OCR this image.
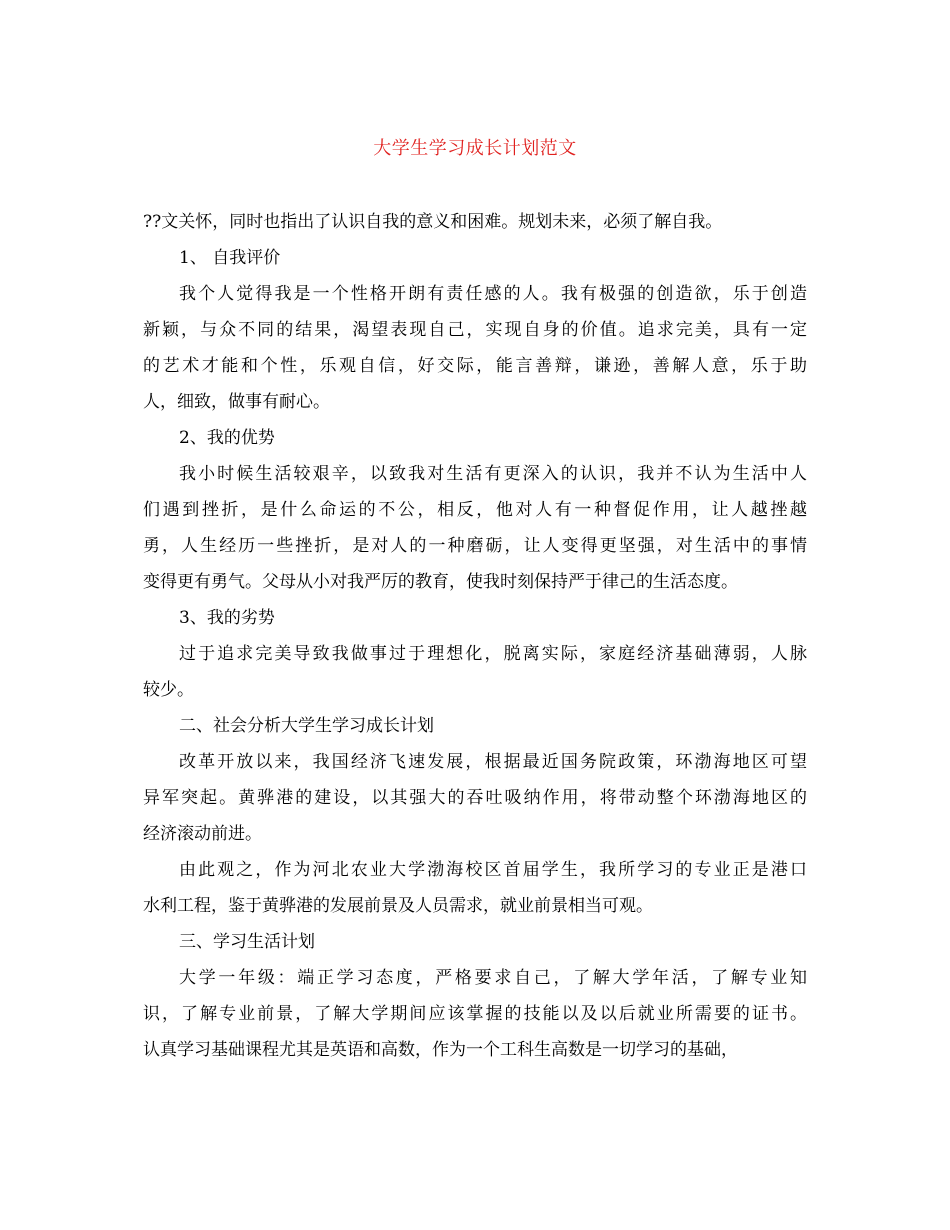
大学生学习成长计划范文
??文关怀，同时也指出了认识自我的意义和困难。规划未来，必须了解自我。
1、 自我评价
我个人觉得我是一个性格开朗有责任感的人。我有极强的创造欲，乐于创造
新颖，与众不同的结果，渴望表现自己，实现自身的价值。追求完美，具有一定
的艺术才能和个性，乐观自信，好交际，能言善辩，谦逊，善解人意，乐于助
人，细致，做事有耐心。
2、我的优势
我小时候生活较艰辛，以致我对生活有更深入的认识，我并不认为生活中人
们遇到挫折，是什么命运的不公，相反，他对人有一种督促作用，让人越挫越
勇，人生经历一些挫折，是对人的一种磨砺，让人变得更坚强，对生活中的事情
变得更有勇气。父母从小对我严厉的教育，使我时刻保持严于律己的生活态度。
3、我的劣势
过于追求完美导致我做事过于理想化，脱离实际，家庭经济基础薄弱，人脉
较少。
二、社会分析大学生学习成长计划
改革开放以来，我国经济飞速发展，根据最近国务院政策，环渤海地区可望
异军突起。黄骅港的建设，以其强大的吞吐吸纳作用，将带动整个环渤海地区的
经济滚动前进。
由此观之，作为河北农业大学渤海校区首届学生，我所学习的专业正是港口
水利工程，鉴于黄骅港的发展前景及人员需求，就业前景相当可观。
三、学习生活计划
大学一年级：端正学习态度，严格要求自己，了解大学年活，了解专业知
识，了解专业前景，了解大学期间应该掌握的技能以及以后就业所需要的证书。
认真学习基础课程尤其是英语和高数，作为一个工科生高数是一切学习的基础，
